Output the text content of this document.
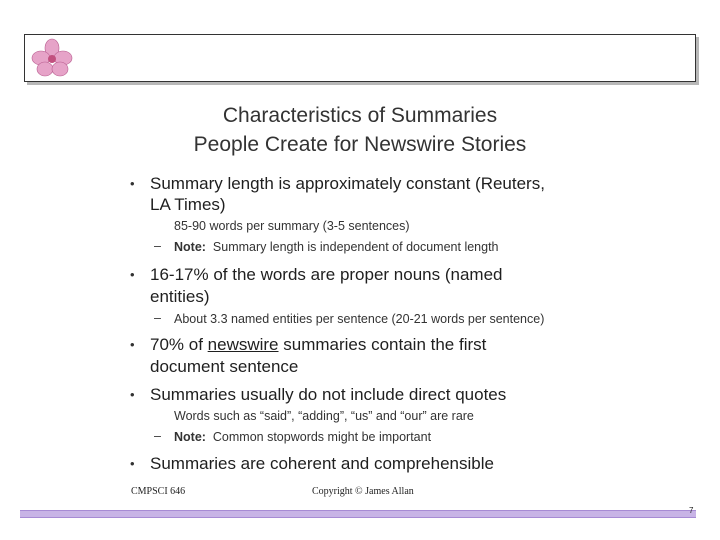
Characteristics of Summaries
People Create for Newswire Stories
• Summary length is approximately constant (Reuters,
LA Times)
85-90 words per summary (3-5 sentences)
– Note: Summary length is independent of document length
• 16-17% of the words are proper nouns (named
entities)
– About 3.3 named entities per sentence (20-21 words per sentence)
• 70% of newswire summaries contain the first
document sentence
• Summaries usually do not include direct quotes
Words such as “said”, “adding”, “us” and “our” are rare
– Note: Common stopwords might be important
• Summaries are coherent and comprehensible
CMPSCI 646	Copyright © James Allan
7
